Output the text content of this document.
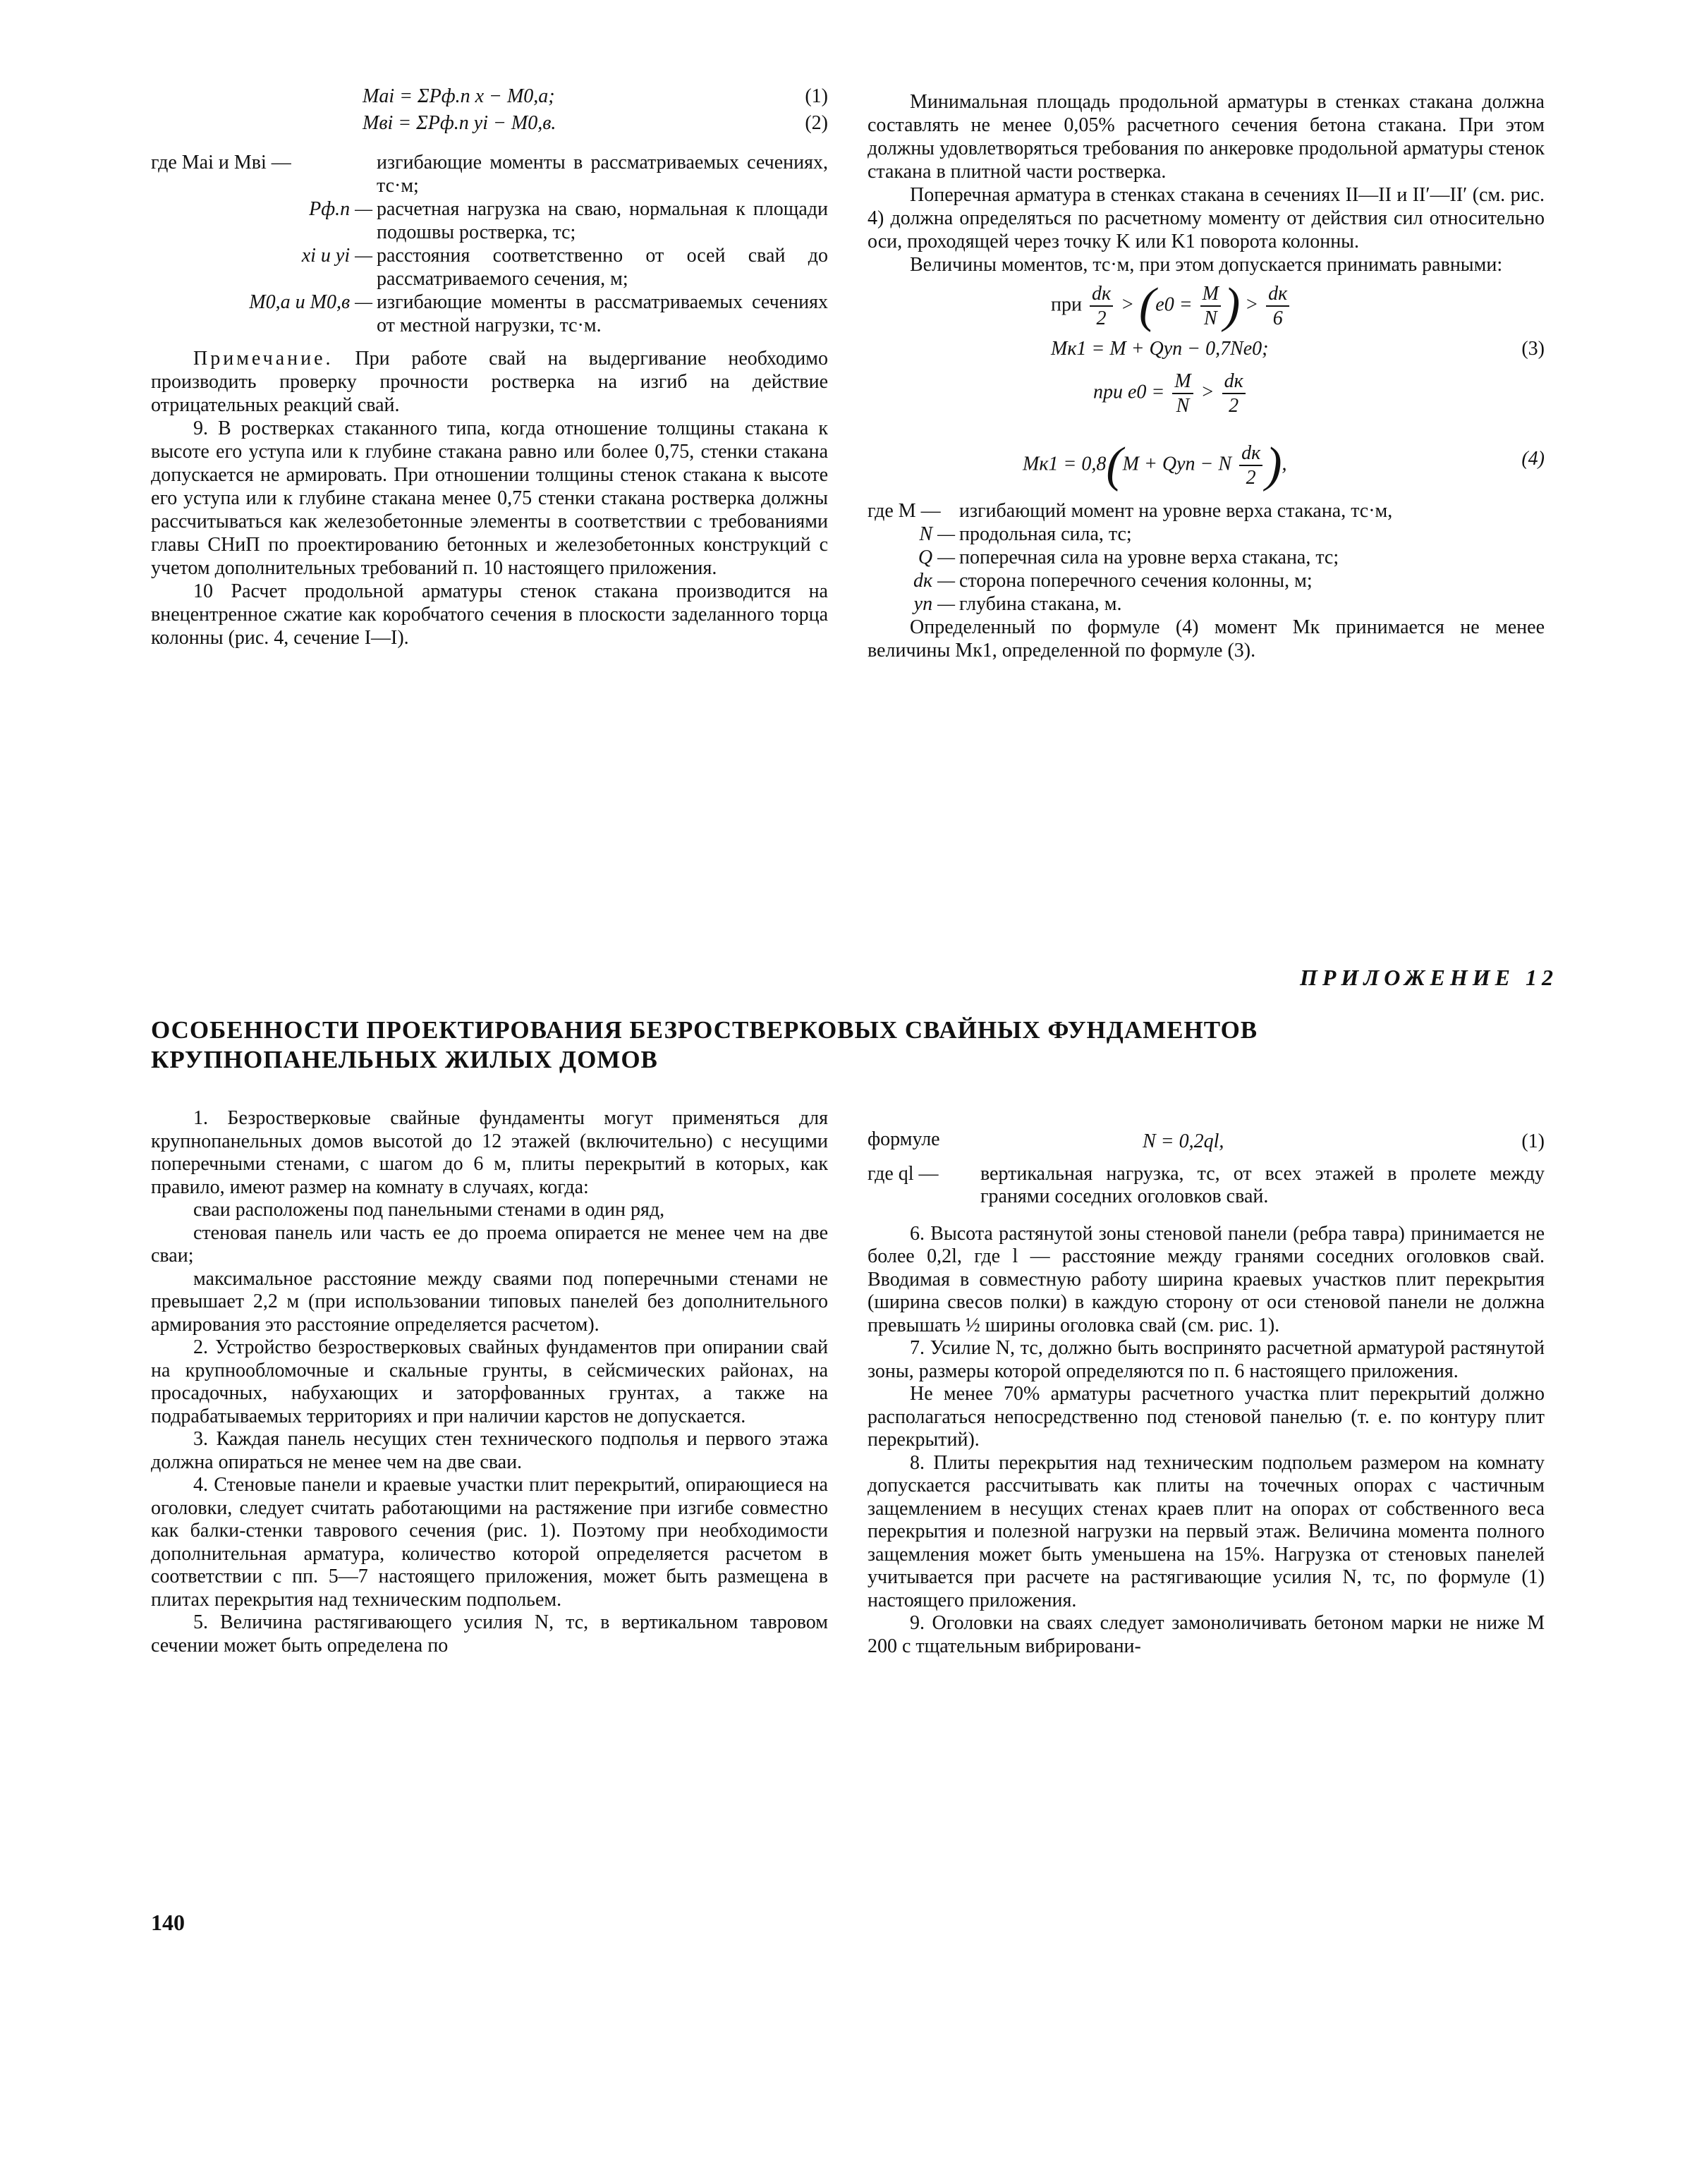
Mai = ΣPф.п x − M0,а;	(1)
Mвi = ΣPф.п yi − M0,в.	(2)
где Mai и Mвi —	изгибающие моменты в рассматриваемых сечениях, тс·м;
Pф.п — расчетная нагрузка на сваю, нормальная к площади подошвы ростверка, тс;
xi и yi — расстояния соответственно от осей свай до рассматриваемого сечения, м;
M0,а и M0,в — изгибающие моменты в рассматриваемых сечениях от местной нагрузки, тс·м.

Примечание. При работе свай на выдергивание необходимо производить проверку прочности ростверка на изгиб на действие отрицательных реакций свай.

9. В ростверках стаканного типа, когда отношение толщины стакана к высоте его уступа или к глубине стакана равно или более 0,75, стенки стакана допускается не армировать. При отношении толщины стенок стакана к высоте его уступа или к глубине стакана менее 0,75 стенки стакана ростверка должны рассчитываться как железобетонные элементы в соответствии с требованиями главы СНиП по проектированию бетонных и железобетонных конструкций с учетом дополнительных требований п. 10 настоящего приложения.

10 Расчет продольной арматуры стенок стакана производится на внецентренное сжатие как коробчатого сечения в плоскости заделанного торца колонны (рис. 4, сечение I—I).

Минимальная площадь продольной арматуры в стенках стакана должна составлять не менее 0,05% расчетного сечения бетона стакана. При этом должны удовлетворяться требования по анкеровке продольной арматуры стенок стакана в плитной части ростверка.

Поперечная арматура в стенках стакана в сечениях II—II и II′—II′ (см. рис. 4) должна определяться по расчетному моменту от действия сил относительно оси, проходящей через точку K или K1 поворота колонны.

Величины моментов, тс·м, при этом допускается принимать равными:

при dк
2
> ($e0 = \frac{M}{N}$ ) > dк
6
Mк1 = M + Qyп − 0,7Ne0;	(3)
при $e0 = \frac{M}{N}$ > dк
2
Mк1 = 0,8(M + Qyп − N dк
2 ),	(4)
где M — изгибающий момент на уровне верха стакана, тс·м,
N — продольная сила, тс;
Q — поперечная сила на уровне верха стакана, тс;
dк — сторона поперечного сечения колонны, м;
yп — глубина стакана, м.

Определенный по формуле (4) момент Mк принимается не менее величины Mк1, определенной по формуле (3).

ПРИЛОЖЕНИЕ 12
ОСОБЕННОСТИ ПРОЕКТИРОВАНИЯ БЕЗРОСТВЕРКОВЫХ СВАЙНЫХ ФУНДАМЕНТОВ
КРУПНОПАНЕЛЬНЫХ ЖИЛЫХ ДОМОВ

1. Безростверковые свайные фундаменты могут применяться для крупнопанельных домов высотой до 12 этажей (включительно) с несущими поперечными стенами, с шагом до 6 м, плиты перекрытий в которых, как правило, имеют размер на комнату в случаях, когда:

сваи расположены под панельными стенами в один ряд,

стеновая панель или часть ее до проема опирается не менее чем на две сваи;

максимальное расстояние между сваями под поперечными стенами не превышает 2,2 м (при использовании типовых панелей без дополнительного армирования это расстояние определяется расчетом).

2. Устройство безростверковых свайных фундаментов при опирании свай на крупнообломочные и скальные грунты, в сейсмических районах, на просадочных, набухающих и заторфованных грунтах, а также на подрабатываемых территориях и при наличии карстов не допускается.

3. Каждая панель несущих стен технического подполья и первого этажа должна опираться не менее чем на две сваи.

4. Стеновые панели и краевые участки плит перекрытий, опирающиеся на оголовки, следует считать работающими на растяжение при изгибе совместно как балки-стенки таврового сечения (рис. 1). Поэтому при необходимости дополнительная арматура, количество которой определяется расчетом в соответствии с пп. 5—7 настоящего приложения, может быть размещена в плитах перекрытия над техническим подпольем.

5. Величина растягивающего усилия N, тс, в вертикальном тавровом сечении может быть определена по

формуле	N = 0,2ql,	(1)
где ql —	вертикальная нагрузка, тс, от всех этажей в пролете между гранями соседних оголовков свай.

6. Высота растянутой зоны стеновой панели (ребра тавра) принимается не более 0,2l, где l — расстояние между гранями соседних оголовков свай. Вводимая в совместную работу ширина краевых участков плит перекрытия (ширина свесов полки) в каждую сторону от оси стеновой панели не должна превышать ½ ширины оголовка свай (см. рис. 1).

7. Усилие N, тс, должно быть воспринято расчетной арматурой растянутой зоны, размеры которой определяются по п. 6 настоящего приложения.

Не менее 70% арматуры расчетного участка плит перекрытий должно располагаться непосредственно под стеновой панелью (т. е. по контуру плит перекрытий).

8. Плиты перекрытия над техническим подпольем размером на комнату допускается рассчитывать как плиты на точечных опорах с частичным защемлением в несущих стенах краев плит на опорах от собственного веса перекрытия и полезной нагрузки на первый этаж. Величина момента полного защемления может быть уменьшена на 15%. Нагрузка от стеновых панелей учитывается при расчете на растягивающие усилия N, тс, по формуле (1) настоящего приложения.

9. Оголовки на сваях следует замоноличивать бетоном марки не ниже М 200 с тщательным вибрировани-

140
